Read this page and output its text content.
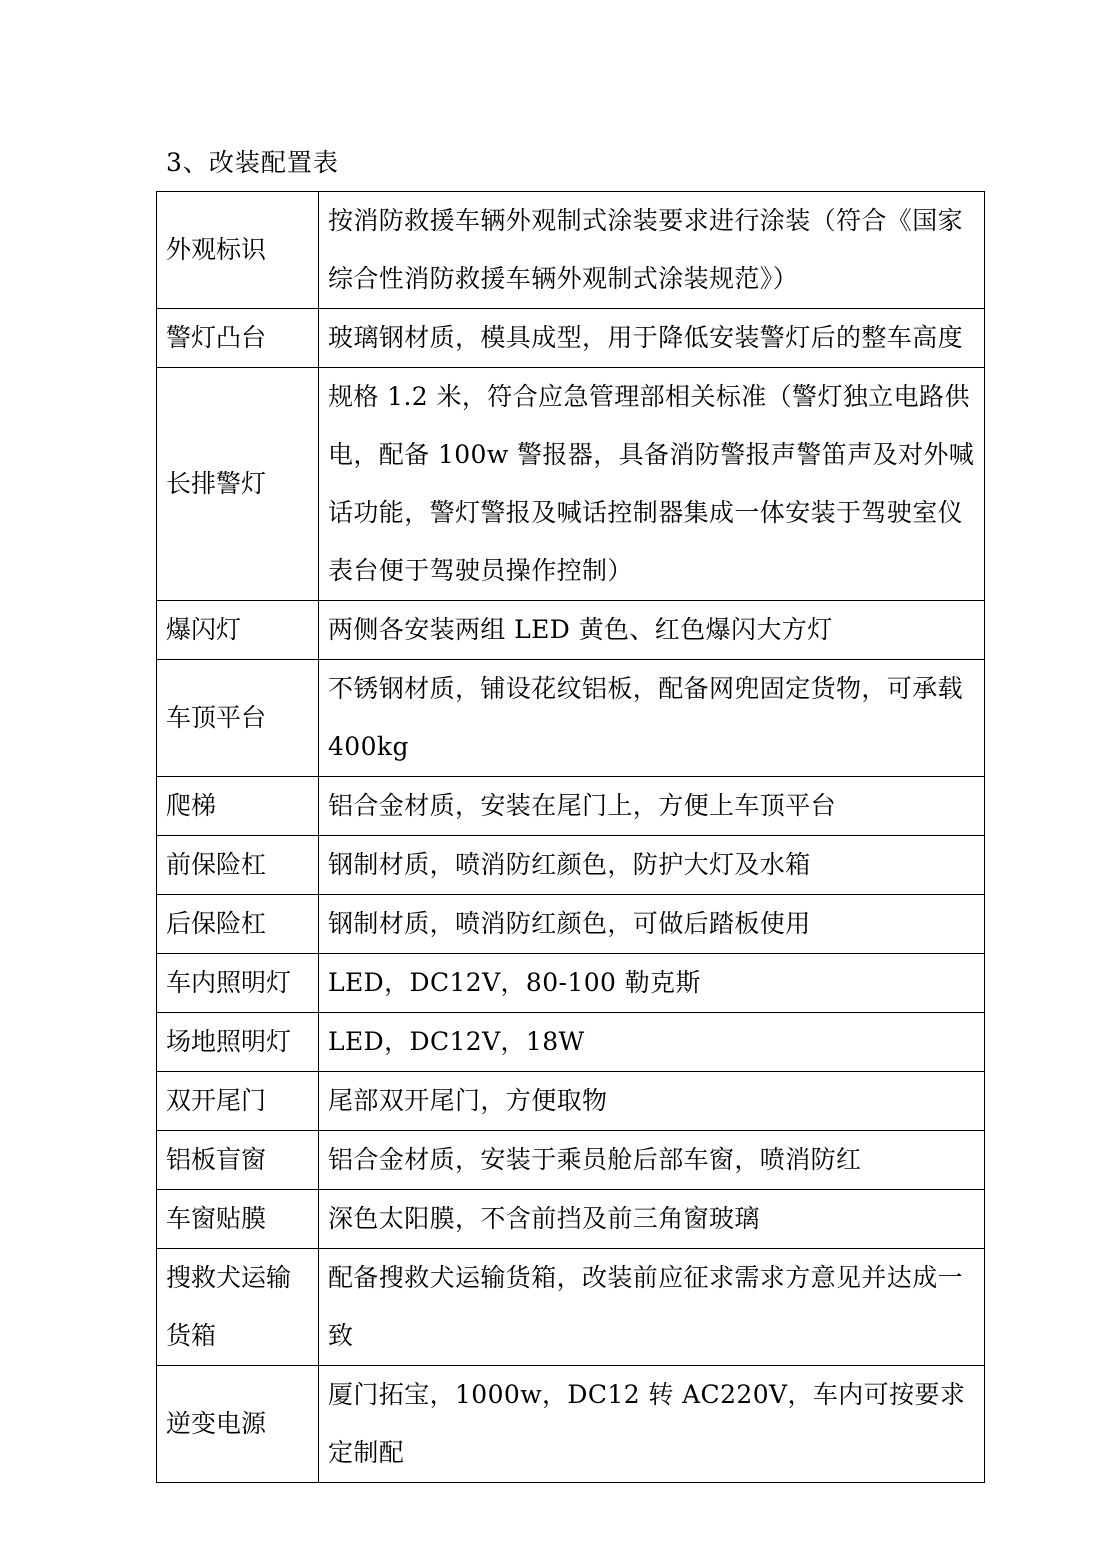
3、改装配置表
外观标识	按消防救援车辆外观制式涂装要求进行涂装（符合《国家综合性消防救援车辆外观制式涂装规范》）
警灯凸台	玻璃钢材质，模具成型，用于降低安装警灯后的整车高度
长排警灯	规格 1.2 米，符合应急管理部相关标准（警灯独立电路供电，配备 100w 警报器，具备消防警报声警笛声及对外喊话功能，警灯警报及喊话控制器集成一体安装于驾驶室仪表台便于驾驶员操作控制）
爆闪灯	两侧各安装两组 LED 黄色、红色爆闪大方灯
车顶平台	不锈钢材质，铺设花纹铝板，配备网兜固定货物，可承载 400kg
爬梯	铝合金材质，安装在尾门上，方便上车顶平台
前保险杠	钢制材质，喷消防红颜色，防护大灯及水箱
后保险杠	钢制材质，喷消防红颜色，可做后踏板使用
车内照明灯	LED，DC12V，80-100 勒克斯
场地照明灯	LED，DC12V，18W
双开尾门	尾部双开尾门，方便取物
铝板盲窗	铝合金材质，安装于乘员舱后部车窗，喷消防红
车窗贴膜	深色太阳膜，不含前挡及前三角窗玻璃
搜救犬运输货箱	配备搜救犬运输货箱，改装前应征求需求方意见并达成一致
逆变电源	厦门拓宝，1000w，DC12 转 AC220V，车内可按要求定制配
